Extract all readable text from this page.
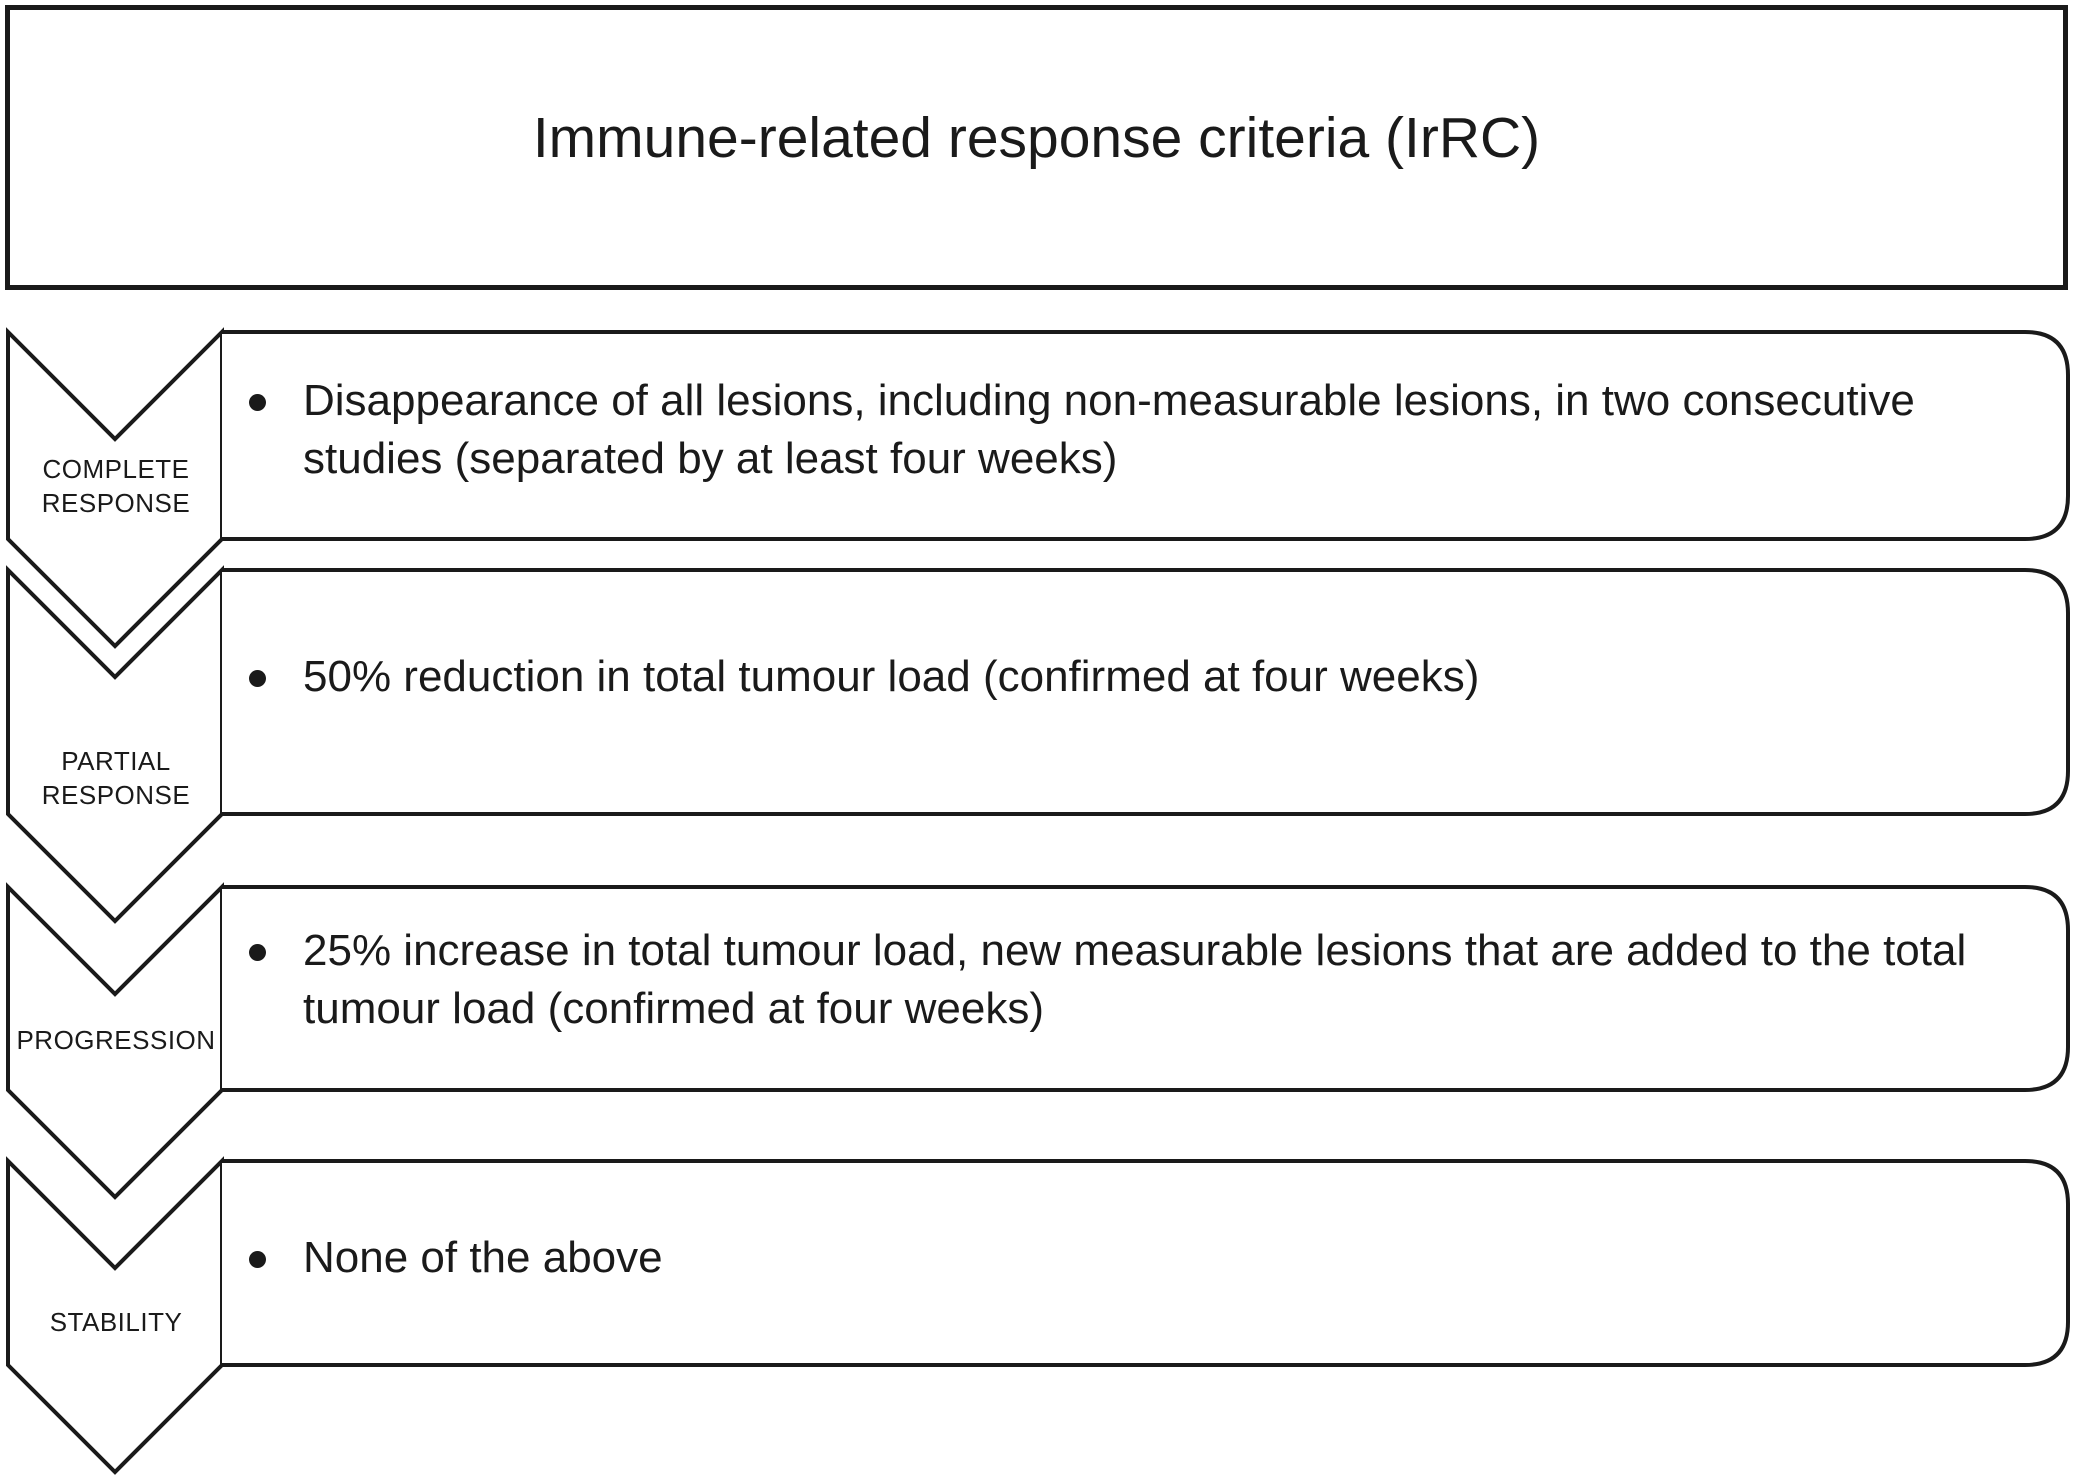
Immune-related response criteria (IrRC)
COMPLETE
RESPONSE
Disappearance of all lesions, including non-measurable lesions, in two consecutive studies (separated by at least four weeks)
PARTIAL
RESPONSE
50% reduction in total tumour load (confirmed at four weeks)
PROGRESSION
25% increase in total tumour load, new measurable lesions that are added to the total tumour load (confirmed at four weeks)
STABILITY
None of the above
